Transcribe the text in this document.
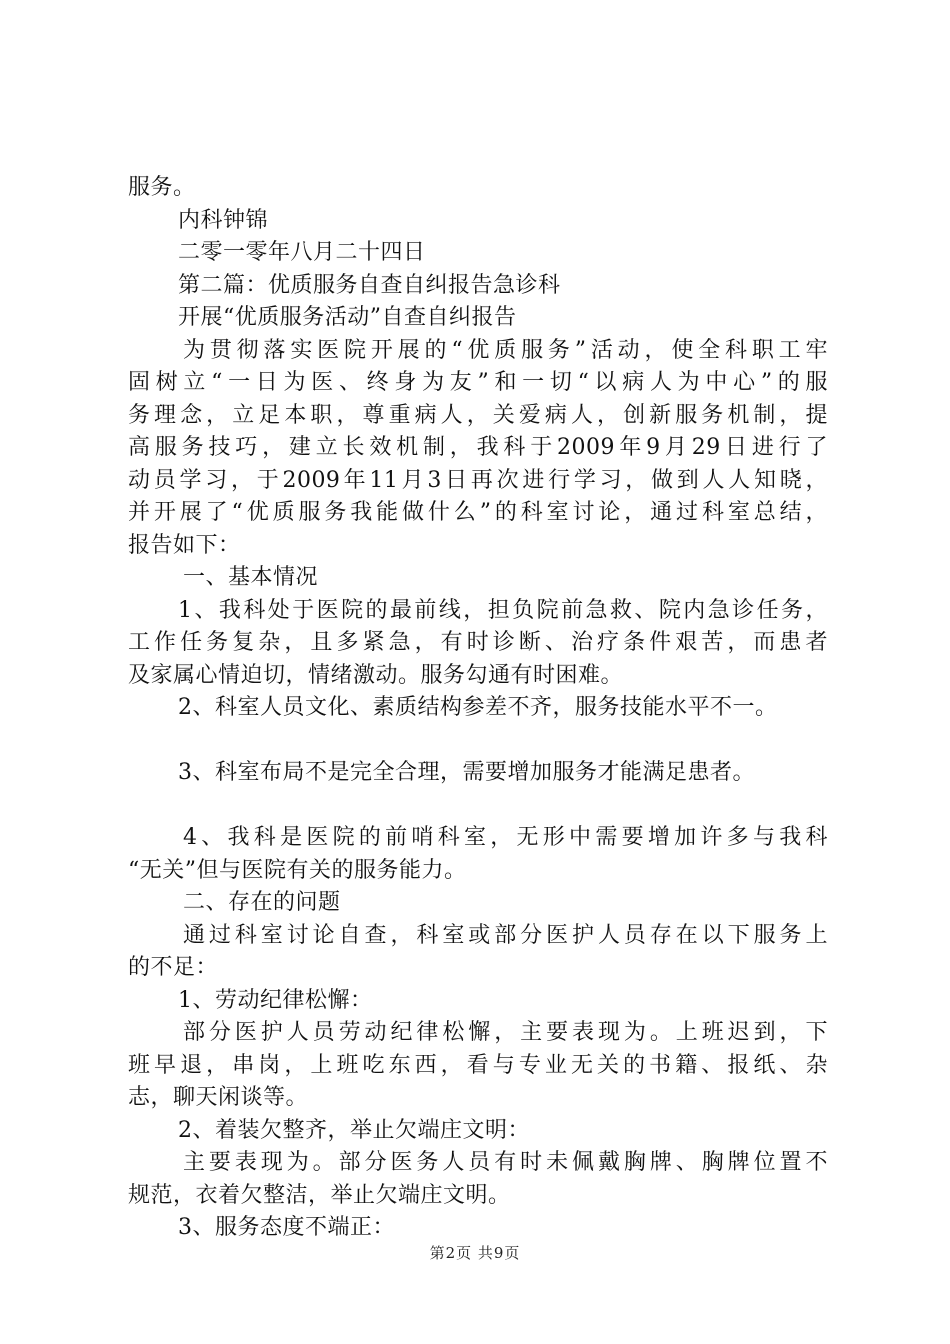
服务。
内科钟锦
二零一零年八月二十四日
第二篇：优质服务自查自纠报告急诊科
开展“优质服务活动”自查自纠报告
为贯彻落实医院开展的“优质服务”活动，使全科职工牢
固树立“一日为医、终身为友”和一切“以病人为中心”的服
务理念，立足本职，尊重病人，关爱病人，创新服务机制，提
高服务技巧，建立长效机制，我科于2009年9月29日进行了
动员学习，于2009年11月3日再次进行学习，做到人人知晓，
并开展了“优质服务我能做什么”的科室讨论，通过科室总结，
报告如下：
一、基本情况
1、我科处于医院的最前线，担负院前急救、院内急诊任务，
工作任务复杂，且多紧急，有时诊断、治疗条件艰苦，而患者
及家属心情迫切，情绪激动。服务勾通有时困难。
2、科室人员文化、素质结构参差不齐，服务技能水平不一。
3、科室布局不是完全合理，需要增加服务才能满足患者。
4、我科是医院的前哨科室，无形中需要增加许多与我科
“无关”但与医院有关的服务能力。
二、存在的问题
通过科室讨论自查，科室或部分医护人员存在以下服务上
的不足：
1、劳动纪律松懈：
部分医护人员劳动纪律松懈，主要表现为。上班迟到，下
班早退，串岗，上班吃东西，看与专业无关的书籍、报纸、杂
志，聊天闲谈等。
2、着装欠整齐，举止欠端庄文明：
主要表现为。部分医务人员有时未佩戴胸牌、胸牌位置不
规范，衣着欠整洁，举止欠端庄文明。
3、服务态度不端正：
第2页 共9页
